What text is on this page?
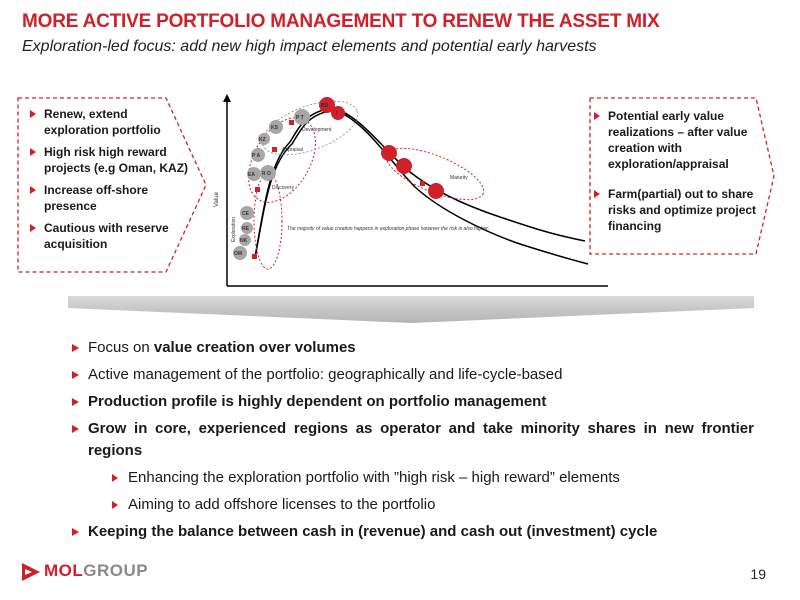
MORE ACTIVE PORTFOLIO MANAGEMENT TO RENEW THE ASSET MIX
Exploration-led focus: add new high impact elements and potential early harvests
Renew, extend exploration portfolio
High risk high reward projects (e.g Oman, KAZ)
Increase off-shore presence
Cautious with reserve acquisition
Value
Exploration
Discovery
Appraisal
Development
Maturity
The majority of value creation happens in exploration phase however the risk is also higher.
OM
NK
RE
CE
EA R O
P A
KZ
KS
P T
BD
I	Potential early value realizations – after value creation with exploration/appraisal
Farm(partial) out to share risks and optimize project financing
Focus on value creation over volumes
Active management of the portfolio: geographically and life-cycle-based
Production profile is highly dependent on portfolio management
Grow in core, experienced regions as operator and take minority shares in new frontier regions
Enhancing the exploration portfolio with ”high risk – high reward” elements
Aiming to add offshore licenses to the portfolio
Keeping the balance between cash in (revenue) and cash out (investment) cycle
MOLGROUP	19
